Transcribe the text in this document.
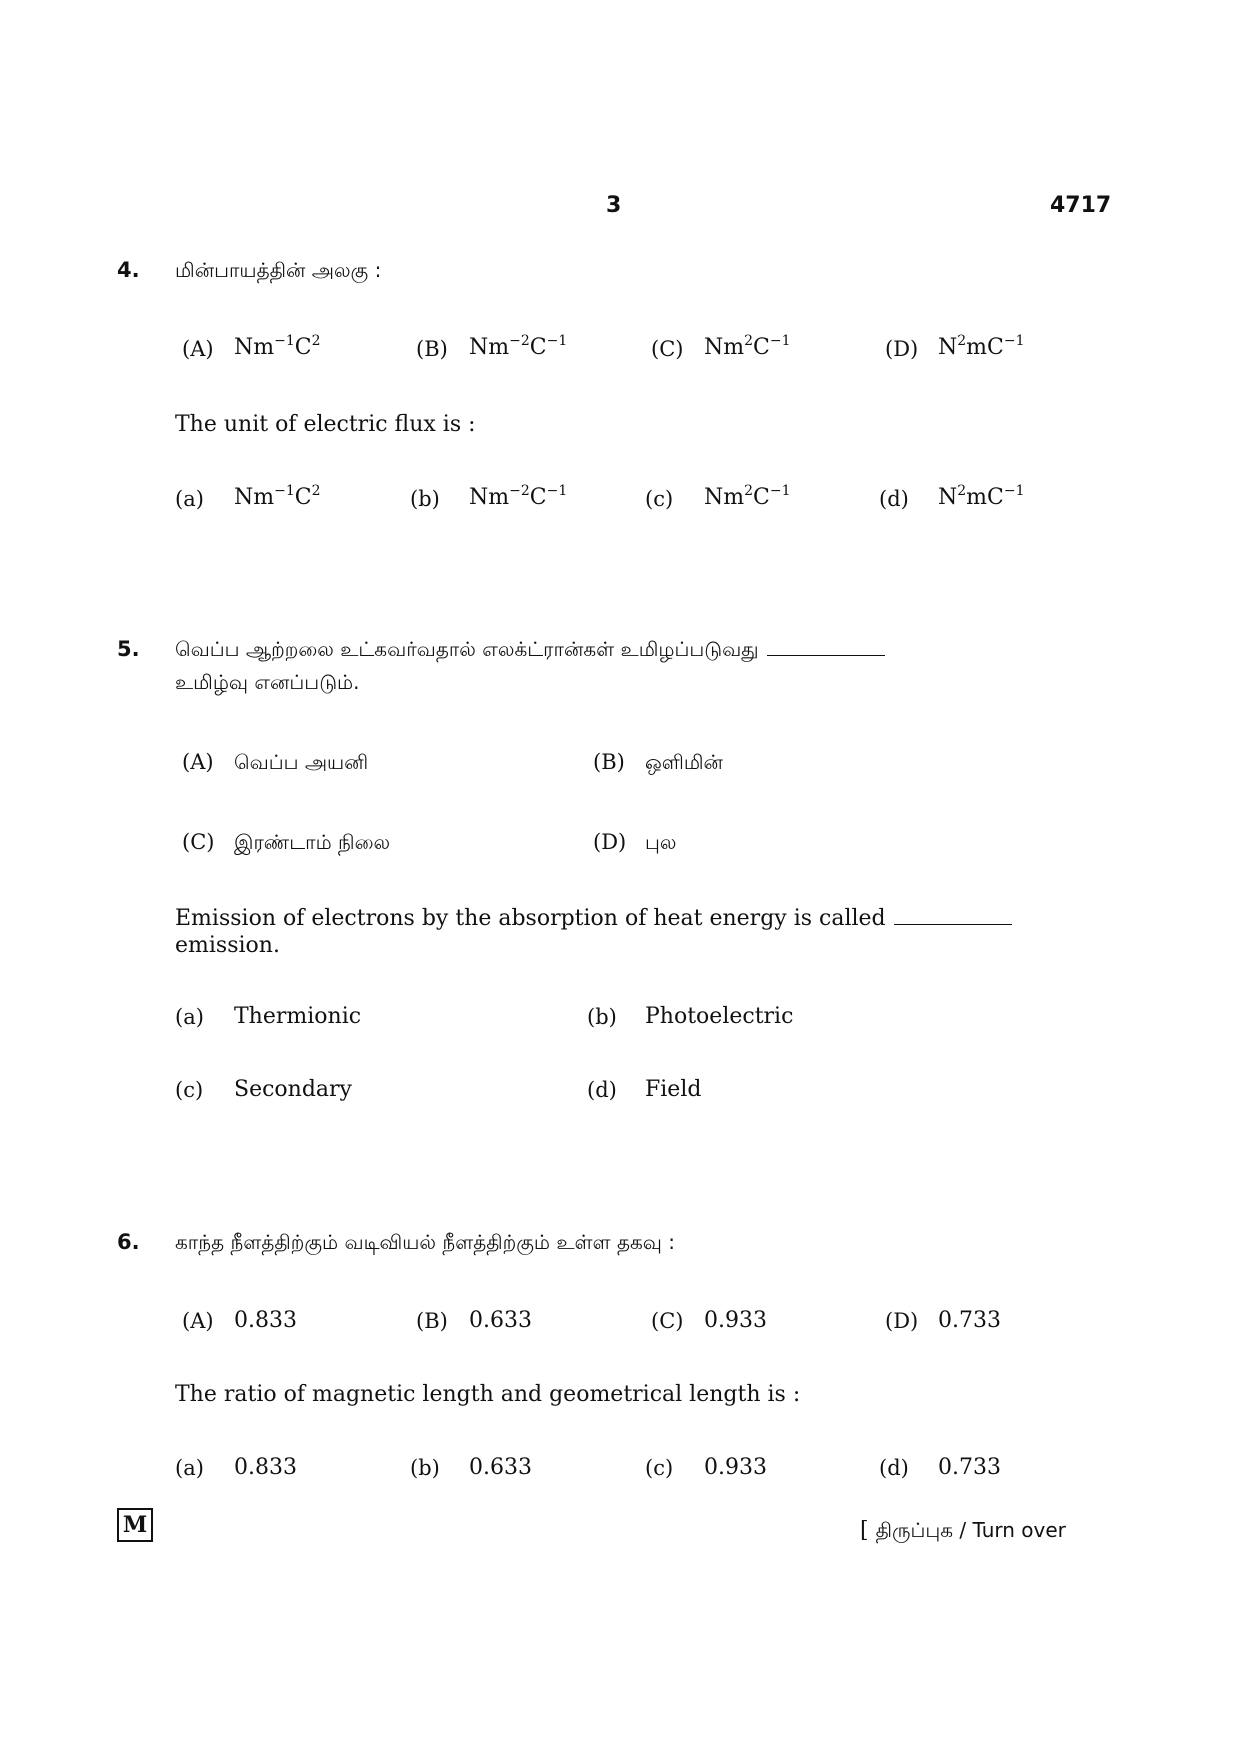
3	4717
4. மின்பாயத்தின் அலகு :
(A) $Nm^{-1}C^2$	(B) $Nm^{-2}C^{-1}$	(C) $Nm^2C^{-1}$	(D) $N^2mC^{-1}$
The unit of electric flux is :
(a) $Nm^{-1}C^2$	(b) $Nm^{-2}C^{-1}$	(c) $Nm^2C^{-1}$	(d) $N^2mC^{-1}$
5. வெப்ப ஆற்றலை உட்கவர்வதால் எலக்ட்ரான்கள் உமிழப்படுவது
உமிழ்வு எனப்படும்.
(A) வெப்ப அயனி	(B) ஒளிமின்
(C) இரண்டாம் நிலை	(D) புல
Emission of electrons by the absorption of heat energy is called
emission.
(a) Thermionic	(b) Photoelectric
(c) Secondary	(d) Field
6. காந்த நீளத்திற்கும் வடிவியல் நீளத்திற்கும் உள்ள தகவு :
(A) 0.833	(B) 0.633	(C) 0.933	(D) 0.733
The ratio of magnetic length and geometrical length is :
(a) 0.833	(b) 0.633	(c) 0.933	(d) 0.733
M	[ திருப்புக / Turn over
